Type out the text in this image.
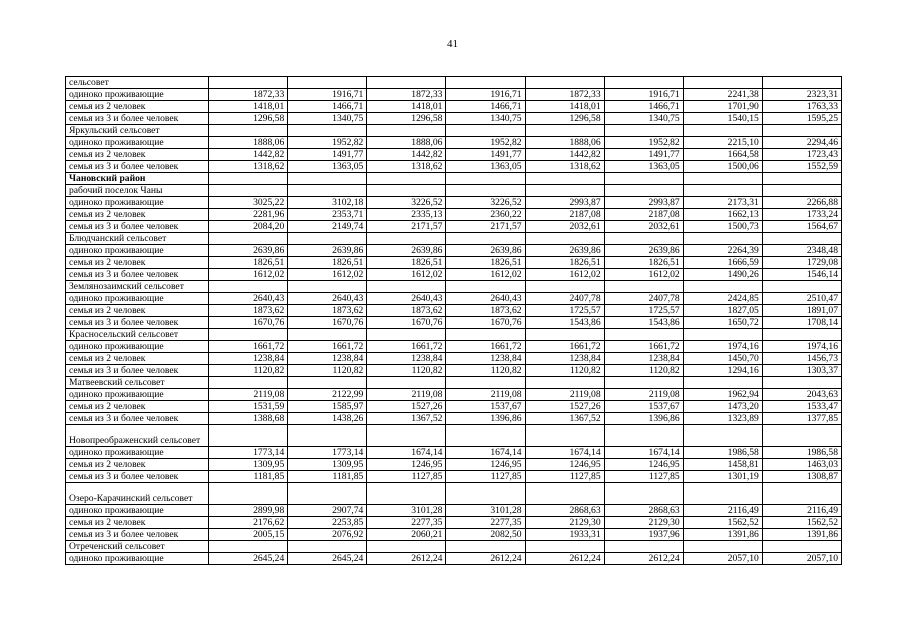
41
сельсовет								
одиноко проживающие	1872,33	1916,71	1872,33	1916,71	1872,33	1916,71	2241,38	2323,31
семья из 2 человек	1418,01	1466,71	1418,01	1466,71	1418,01	1466,71	1701,90	1763,33
семья из 3 и более человек	1296,58	1340,75	1296,58	1340,75	1296,58	1340,75	1540,15	1595,25
Яркульский сельсовет								
одиноко проживающие	1888,06	1952,82	1888,06	1952,82	1888,06	1952,82	2215,10	2294,46
семья из 2 человек	1442,82	1491,77	1442,82	1491,77	1442,82	1491,77	1664,58	1723,43
семья из 3 и более человек	1318,62	1363,05	1318,62	1363,05	1318,62	1363,05	1500,06	1552,59
Чановский район								
рабочий поселок Чаны								
одиноко проживающие	3025,22	3102,18	3226,52	3226,52	2993,87	2993,87	2173,31	2266,88
семья из 2 человек	2281,96	2353,71	2335,13	2360,22	2187,08	2187,08	1662,13	1733,24
семья из 3 и более человек	2084,20	2149,74	2171,57	2171,57	2032,61	2032,61	1500,73	1564,67
Блюдчанский сельсовет								
одиноко проживающие	2639,86	2639,86	2639,86	2639,86	2639,86	2639,86	2264,39	2348,48
семья из 2 человек	1826,51	1826,51	1826,51	1826,51	1826,51	1826,51	1666,59	1729,08
семья из 3 и более человек	1612,02	1612,02	1612,02	1612,02	1612,02	1612,02	1490,26	1546,14
Землянозаимский сельсовет								
одиноко проживающие	2640,43	2640,43	2640,43	2640,43	2407,78	2407,78	2424,85	2510,47
семья из 2 человек	1873,62	1873,62	1873,62	1873,62	1725,57	1725,57	1827,05	1891,07
семья из 3 и более человек	1670,76	1670,76	1670,76	1670,76	1543,86	1543,86	1650,72	1708,14
Красносельский сельсовет								
одиноко проживающие	1661,72	1661,72	1661,72	1661,72	1661,72	1661,72	1974,16	1974,16
семья из 2 человек	1238,84	1238,84	1238,84	1238,84	1238,84	1238,84	1450,70	1456,73
семья из 3 и более человек	1120,82	1120,82	1120,82	1120,82	1120,82	1120,82	1294,16	1303,37
Матвеевский сельсовет								
одиноко проживающие	2119,08	2122,99	2119,08	2119,08	2119,08	2119,08	1962,94	2043,63
семья из 2 человек	1531,59	1585,97	1527,26	1537,67	1527,26	1537,67	1473,20	1533,47
семья из 3 и более человек	1388,68	1438,26	1367,52	1396,86	1367,52	1396,86	1323,89	1377,85
Новопреображенский сельсовет								
одиноко проживающие	1773,14	1773,14	1674,14	1674,14	1674,14	1674,14	1986,58	1986,58
семья из 2 человек	1309,95	1309,95	1246,95	1246,95	1246,95	1246,95	1458,81	1463,03
семья из 3 и более человек	1181,85	1181,85	1127,85	1127,85	1127,85	1127,85	1301,19	1308,87
Озеро-Карачинский сельсовет								
одиноко проживающие	2899,98	2907,74	3101,28	3101,28	2868,63	2868,63	2116,49	2116,49
семья из 2 человек	2176,62	2253,85	2277,35	2277,35	2129,30	2129,30	1562,52	1562,52
семья из 3 и более человек	2005,15	2076,92	2060,21	2082,50	1933,31	1937,96	1391,86	1391,86
Отреченский сельсовет								
одиноко проживающие	2645,24	2645,24	2612,24	2612,24	2612,24	2612,24	2057,10	2057,10
